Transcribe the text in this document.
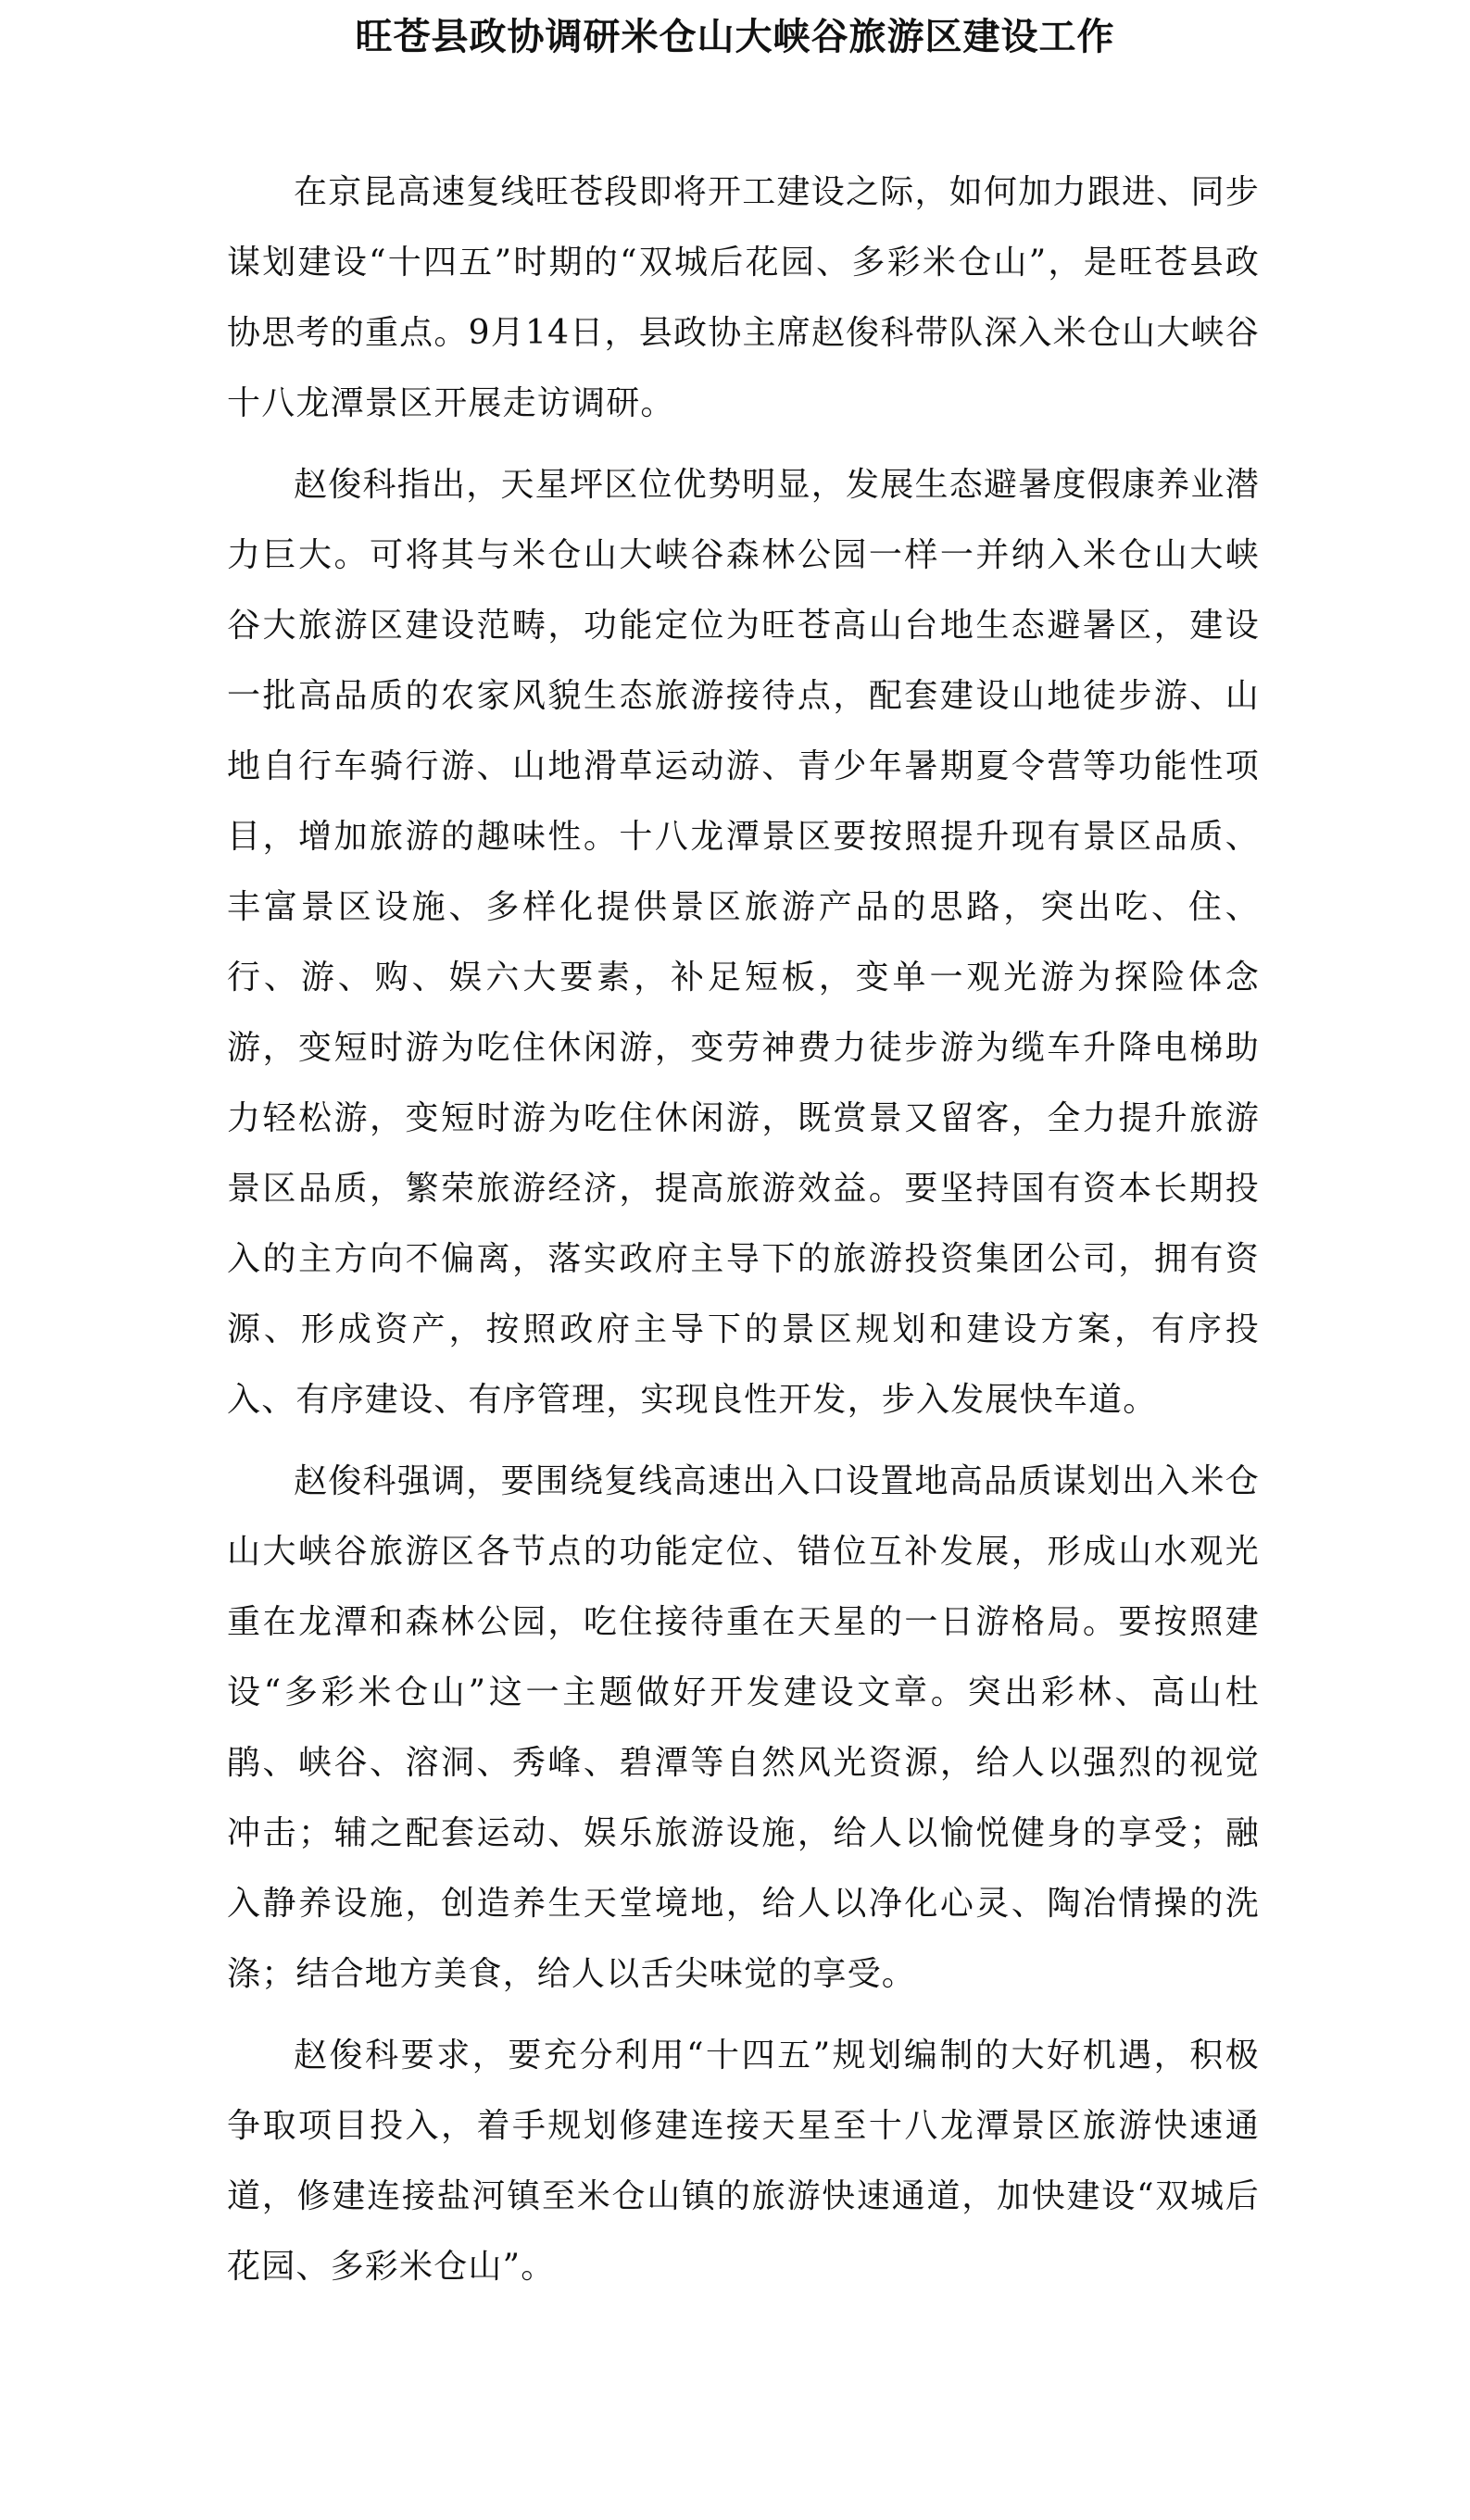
旺苍县政协调研米仓山大峡谷旅游区建设工作

在京昆高速复线旺苍段即将开工建设之际，如何加力跟进、同步谋划建设“十四五”时期的“双城后花园、多彩米仓山”，是旺苍县政协思考的重点。9月14日，县政协主席赵俊科带队深入米仓山大峡谷十八龙潭景区开展走访调研。

赵俊科指出，天星坪区位优势明显，发展生态避暑度假康养业潜力巨大。可将其与米仓山大峡谷森林公园一样一并纳入米仓山大峡谷大旅游区建设范畴，功能定位为旺苍高山台地生态避暑区，建设一批高品质的农家风貌生态旅游接待点，配套建设山地徒步游、山地自行车骑行游、山地滑草运动游、青少年暑期夏令营等功能性项目，增加旅游的趣味性。十八龙潭景区要按照提升现有景区品质、丰富景区设施、多样化提供景区旅游产品的思路，突出吃、住、行、游、购、娱六大要素，补足短板，变单一观光游为探险体念游，变短时游为吃住休闲游，变劳神费力徒步游为缆车升降电梯助力轻松游，变短时游为吃住休闲游，既赏景又留客，全力提升旅游景区品质，繁荣旅游经济，提高旅游效益。要坚持国有资本长期投入的主方向不偏离，落实政府主导下的旅游投资集团公司，拥有资源、形成资产，按照政府主导下的景区规划和建设方案，有序投入、有序建设、有序管理，实现良性开发，步入发展快车道。

赵俊科强调，要围绕复线高速出入口设置地高品质谋划出入米仓山大峡谷旅游区各节点的功能定位、错位互补发展，形成山水观光重在龙潭和森林公园，吃住接待重在天星的一日游格局。要按照建设“多彩米仓山”这一主题做好开发建设文章。突出彩林、高山杜鹃、峡谷、溶洞、秀峰、碧潭等自然风光资源，给人以强烈的视觉冲击；辅之配套运动、娱乐旅游设施，给人以愉悦健身的享受；融入静养设施，创造养生天堂境地，给人以净化心灵、陶冶情操的洗涤；结合地方美食，给人以舌尖味觉的享受。

赵俊科要求，要充分利用“十四五”规划编制的大好机遇，积极争取项目投入，着手规划修建连接天星至十八龙潭景区旅游快速通道，修建连接盐河镇至米仓山镇的旅游快速通道，加快建设“双城后花园、多彩米仓山”。
